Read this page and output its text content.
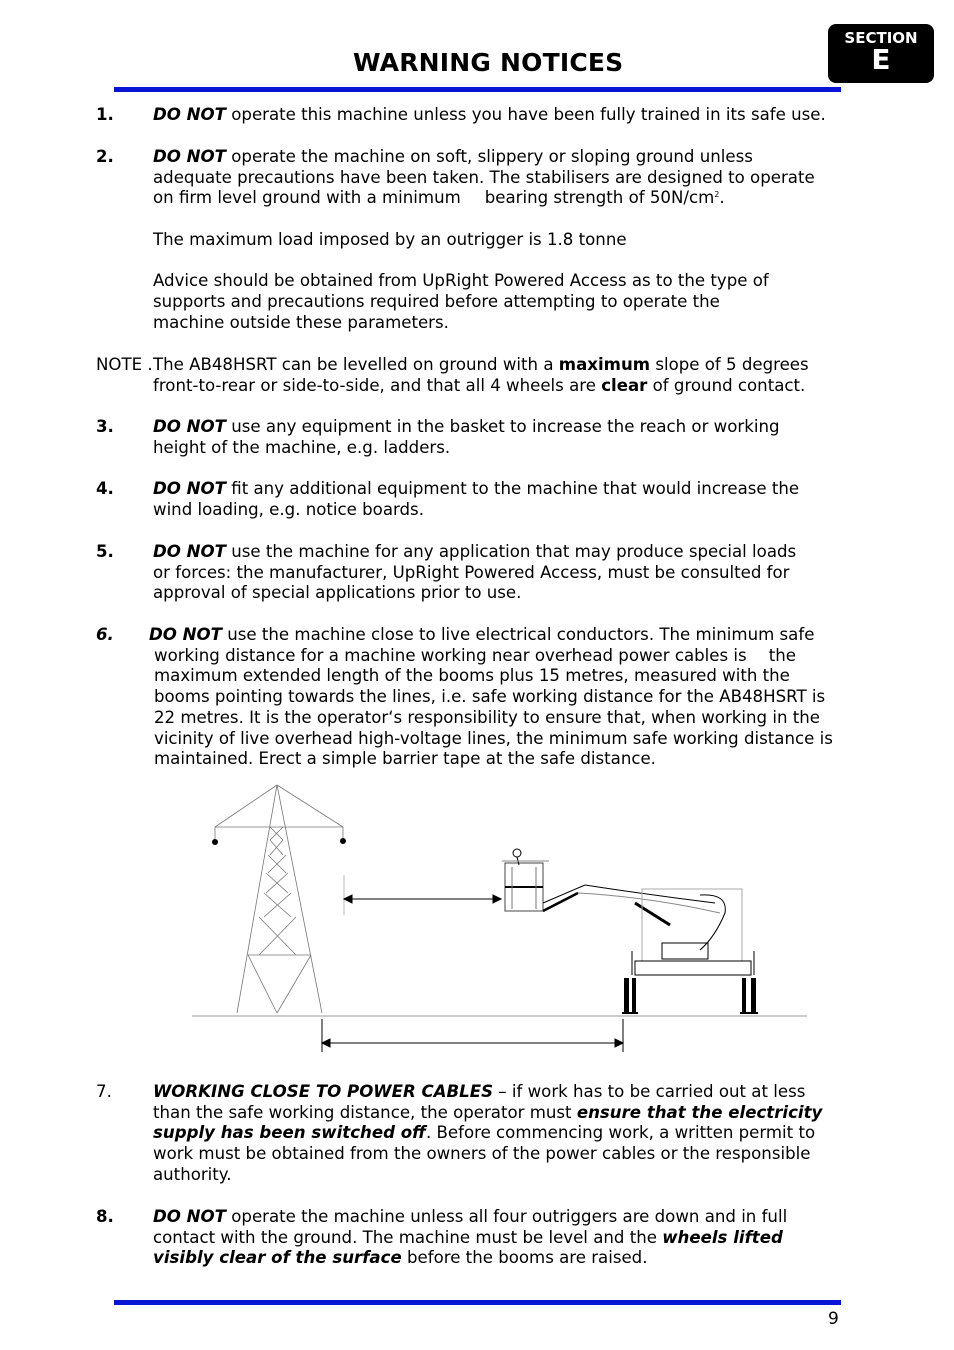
WARNING NOTICES
SECTION
E
1. DO NOT operate this machine unless you have been fully trained in its safe use.

2. DO NOT operate the machine on soft, slippery or sloping ground unless

adequate precautions have been taken. The stabilisers are designed to operate

on firm level ground with a minimum bearing strength of $50N/cm^2$.

The maximum load imposed by an outrigger is 1.8 tonne

Advice should be obtained from UpRight Powered Access as to the type of

supports and precautions required before attempting to operate the

machine outside these parameters.

NOTE . The AB48HSRT can be levelled on ground with a maximum slope of 5 degrees

front-to-rear or side-to-side, and that all 4 wheels are clear of ground contact.

3. DO NOT use any equipment in the basket to increase the reach or working

height of the machine, e.g. ladders.

4. DO NOT fit any additional equipment to the machine that would increase the

wind loading, e.g. notice boards.

5. DO NOT use the machine for any application that may produce special loads

or forces: the manufacturer, UpRight Powered Access, must be consulted for

approval of special applications prior to use.

6. DO NOT use the machine close to live electrical conductors. The minimum safe

working distance for a machine working near overhead power cables is the

maximum extended length of the booms plus 15 metres, measured with the

booms pointing towards the lines, i.e. safe working distance for the AB48HSRT is

22 metres. It is the operator‘s responsibility to ensure that, when working in the

vicinity of live overhead high-voltage lines, the minimum safe working distance is

maintained. Erect a simple barrier tape at the safe distance.

7. WORKING CLOSE TO POWER CABLES – if work has to be carried out at less

than the safe working distance, the operator must ensure that the electricity

supply has been switched off. Before commencing work, a written permit to

work must be obtained from the owners of the power cables or the responsible

authority.

8. DO NOT operate the machine unless all four outriggers are down and in full

contact with the ground. The machine must be level and the wheels lifted

visibly clear of the surface before the booms are raised.

9
